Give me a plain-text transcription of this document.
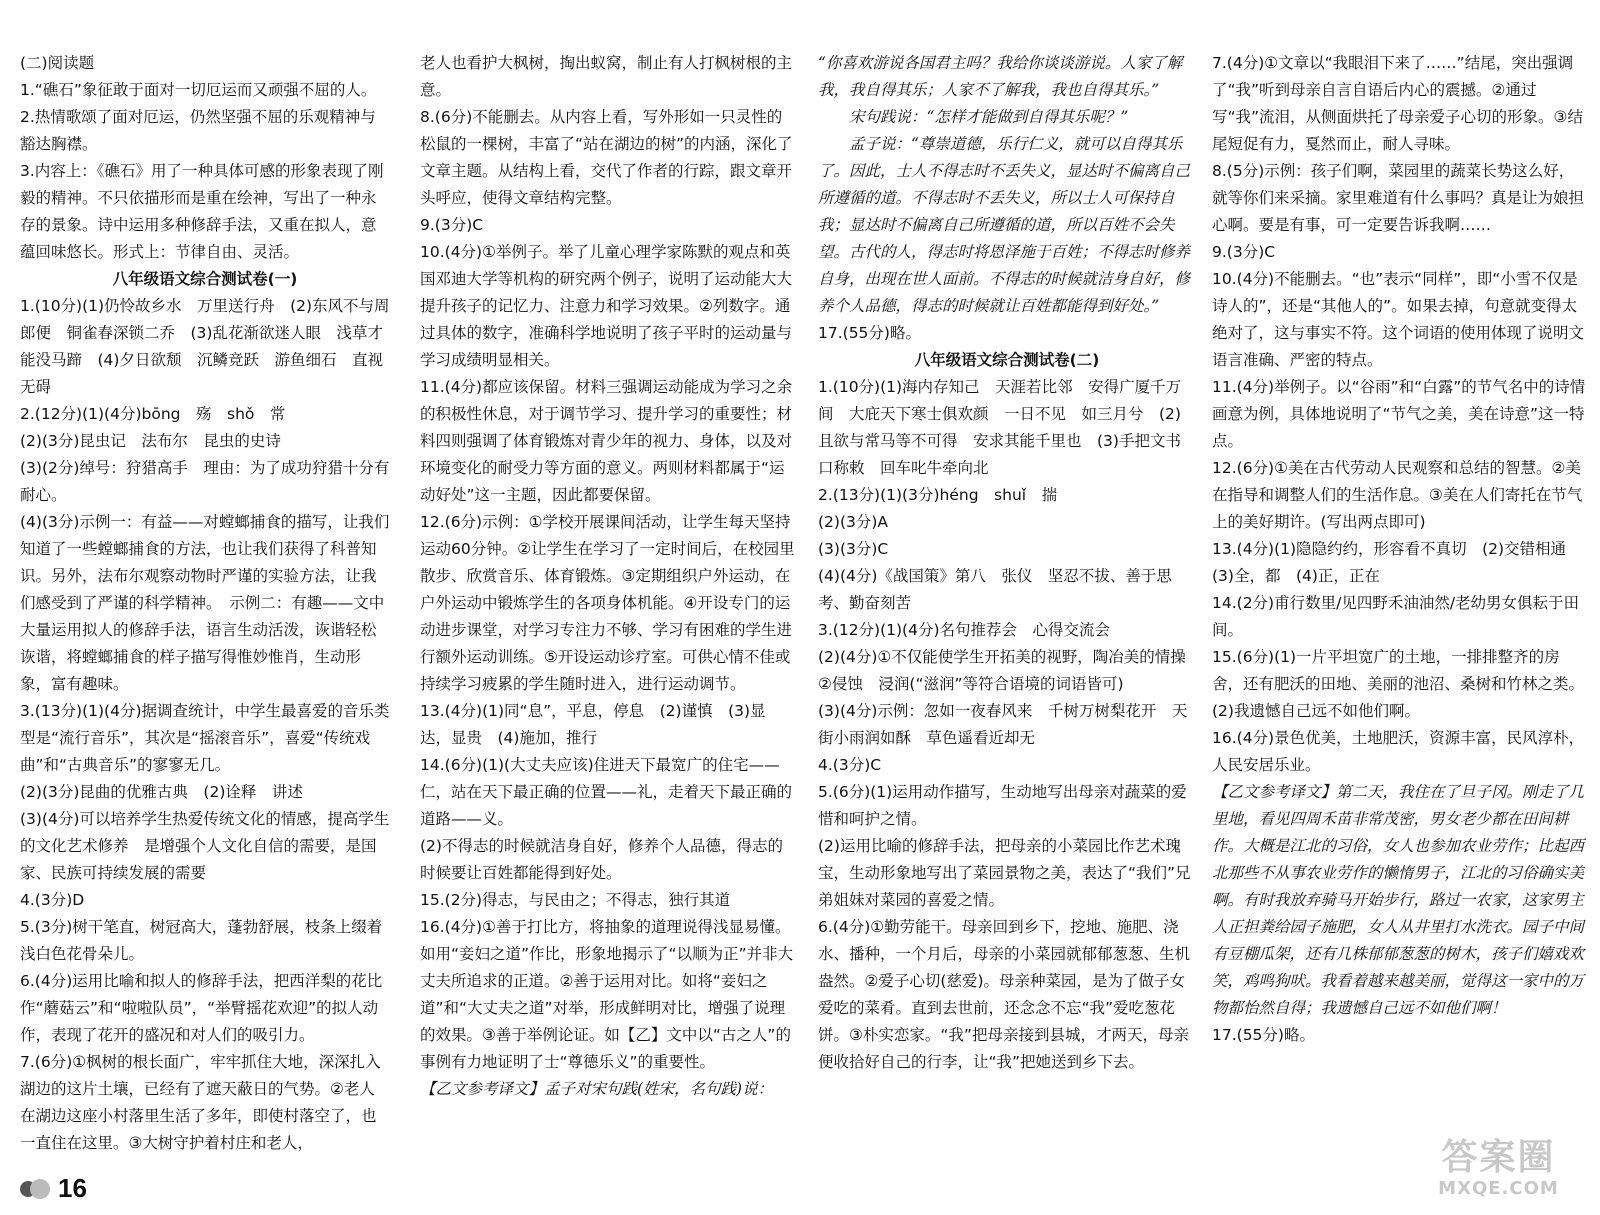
(二)阅读题

1.“礁石”象征敢于面对一切厄运而又顽强不屈的人。

2.热情歌颂了面对厄运，仍然坚强不屈的乐观精神与豁达胸襟。

3.内容上：《礁石》用了一种具体可感的形象表现了刚毅的精神。不只依描形而是重在绘神，写出了一种永存的景象。诗中运用多种修辞手法，又重在拟人，意蕴回味悠长。形式上：节律自由、灵活。

八年级语文综合测试卷(一)

1.(10分)(1)仍怜故乡水　万里送行舟　(2)东风不与周郎便　铜雀春深锁二乔　(3)乱花渐欲迷人眼　浅草才能没马蹄　(4)夕日欲颓　沉鳞竞跃　游鱼细石　直视无碍

2.(12分)(1)(4分)bōng　殇　shǒ　常

(2)(3分)昆虫记　法布尔　昆虫的史诗

(3)(2分)绰号：狩猎高手　理由：为了成功狩猎十分有耐心。

(4)(3分)示例一：有益——对螳螂捕食的描写，让我们知道了一些螳螂捕食的方法，也让我们获得了科普知识。另外，法布尔观察动物时严谨的实验方法，让我们感受到了严谨的科学精神。　示例二：有趣——文中大量运用拟人的修辞手法，语言生动活泼，诙谐轻松诙谐，将螳螂捕食的样子描写得惟妙惟肖，生动形象，富有趣味。

3.(13分)(1)(4分)据调查统计，中学生最喜爱的音乐类型是“流行音乐”，其次是“摇滚音乐”，喜爱“传统戏曲”和“古典音乐”的寥寥无几。

(2)(3分)昆曲的优雅古典　(2)诠释　讲述

(3)(4分)可以培养学生热爱传统文化的情感，提高学生的文化艺术修养　是增强个人文化自信的需要，是国家、民族可持续发展的需要

4.(3分)D

5.(3分)树干笔直，树冠高大，蓬勃舒展，枝条上缀着浅白色花骨朵儿。

6.(4分)运用比喻和拟人的修辞手法，把西洋梨的花比作“蘑菇云”和“啦啦队员”，“举臂摇花欢迎”的拟人动作，表现了花开的盛况和对人们的吸引力。

7.(6分)①枫树的根长面广，牢牢抓住大地，深深扎入湖边的这片土壤，已经有了遮天蔽日的气势。②老人在湖边这座小村落里生活了多年，即使村落空了，也一直住在这里。③大树守护着村庄和老人，

老人也看护大枫树，掏出蚁窝，制止有人打枫树根的主意。

8.(6分)不能删去。从内容上看，写外形如一只灵性的松鼠的一棵树，丰富了“站在湖边的树”的内涵，深化了文章主题。从结构上看，交代了作者的行踪，跟文章开头呼应，使得文章结构完整。

9.(3分)C

10.(4分)①举例子。举了儿童心理学家陈默的观点和英国邓迪大学等机构的研究两个例子，说明了运动能大大提升孩子的记忆力、注意力和学习效果。②列数字。通过具体的数字，准确科学地说明了孩子平时的运动量与学习成绩明显相关。

11.(4分)都应该保留。材料三强调运动能成为学习之余的积极性休息，对于调节学习、提升学习的重要性；材料四则强调了体育锻炼对青少年的视力、身体，以及对环境变化的耐受力等方面的意义。两则材料都属于“运动好处”这一主题，因此都要保留。

12.(6分)示例：①学校开展课间活动，让学生每天坚持运动60分钟。②让学生在学习了一定时间后，在校园里散步、欣赏音乐、体育锻炼。③定期组织户外运动，在户外运动中锻炼学生的各项身体机能。④开设专门的运动进步课堂，对学习专注力不够、学习有困难的学生进行额外运动训练。⑤开设运动诊疗室。可供心情不佳或持续学习疲累的学生随时进入，进行运动调节。

13.(4分)(1)同“息”，平息，停息　(2)谨慎　(3)显达，显贵　(4)施加，推行

14.(6分)(1)(大丈夫应该)住进天下最宽广的住宅——仁，站在天下最正确的位置——礼，走着天下最正确的道路——义。

(2)不得志的时候就洁身自好，修养个人品德，得志的时候要让百姓都能得到好处。

15.(2分)得志，与民由之；不得志，独行其道

16.(4分)①善于打比方，将抽象的道理说得浅显易懂。如用“妾妇之道”作比，形象地揭示了“以顺为正”并非大丈夫所追求的正道。②善于运用对比。如将“妾妇之道”和“大丈夫之道”对举，形成鲜明对比，增强了说理的效果。③善于举例论证。如【乙】文中以“古之人”的事例有力地证明了士“尊德乐义”的重要性。

【乙文参考译文】孟子对宋句践(姓宋，名句践)说：

“你喜欢游说各国君主吗？我给你谈谈游说。人家了解我，我自得其乐；人家不了解我，我也自得其乐。”

宋句践说：“怎样才能做到自得其乐呢？”

孟子说：“尊崇道德，乐行仁义，就可以自得其乐了。因此，士人不得志时不丢失义，显达时不偏离自己所遵循的道。不得志时不丢失义，所以士人可保持自我；显达时不偏离自己所遵循的道，所以百姓不会失望。古代的人，得志时将恩泽施于百姓；不得志时修养自身，出现在世人面前。不得志的时候就洁身自好，修养个人品德，得志的时候就让百姓都能得到好处。”

17.(55分)略。

八年级语文综合测试卷(二)

1.(10分)(1)海内存知己　天涯若比邻　安得广厦千万间　大庇天下寒士俱欢颜　一日不见　如三月兮　(2)且欲与常马等不可得　安求其能千里也　(3)手把文书口称敕　回车叱牛牵向北

2.(13分)(1)(3分)héng　shuǐ　揣

(2)(3分)A

(3)(3分)C

(4)(4分)《战国策》第八　张仪　坚忍不拔、善于思考、勤奋刻苦

3.(12分)(1)(4分)名句推荐会　心得交流会

(2)(4分)①不仅能使学生开拓美的视野，陶冶美的情操　②侵蚀　浸润(“滋润”等符合语境的词语皆可)

(3)(4分)示例：忽如一夜春风来　千树万树梨花开　天街小雨润如酥　草色遥看近却无

4.(3分)C

5.(6分)(1)运用动作描写，生动地写出母亲对蔬菜的爱惜和呵护之情。

(2)运用比喻的修辞手法，把母亲的小菜园比作艺术瑰宝，生动形象地写出了菜园景物之美，表达了“我们”兄弟姐妹对菜园的喜爱之情。

6.(4分)①勤劳能干。母亲回到乡下，挖地、施肥、浇水、播种，一个月后，母亲的小菜园就郁郁葱葱、生机盎然。②爱子心切(慈爱)。母亲种菜园，是为了做子女爱吃的菜肴。直到去世前，还念念不忘“我”爱吃葱花饼。③朴实恋家。“我”把母亲接到县城，才两天，母亲便收拾好自己的行李，让“我”把她送到乡下去。

7.(4分)①文章以“我眼泪下来了……”结尾，突出强调了“我”听到母亲自言自语后内心的震撼。②通过写“我”流泪，从侧面烘托了母亲爱子心切的形象。③结尾短促有力，戛然而止，耐人寻味。

8.(5分)示例：孩子们啊，菜园里的蔬菜长势这么好，就等你们来采摘。家里难道有什么事吗？真是让为娘担心啊。要是有事，可一定要告诉我啊……

9.(3分)C

10.(4分)不能删去。“也”表示“同样”，即“小雪不仅是诗人的”，还是“其他人的”。如果去掉，句意就变得太绝对了，这与事实不符。这个词语的使用体现了说明文语言准确、严密的特点。

11.(4分)举例子。以“谷雨”和“白露”的节气名中的诗情画意为例，具体地说明了“节气之美，美在诗意”这一特点。

12.(6分)①美在古代劳动人民观察和总结的智慧。②美在指导和调整人们的生活作息。③美在人们寄托在节气上的美好期许。(写出两点即可)

13.(4分)(1)隐隐约约，形容看不真切　(2)交错相通　(3)全，都　(4)正，正在

14.(2分)甫行数里/见四野禾油油然/老幼男女俱耘于田间。

15.(6分)(1)一片平坦宽广的土地，一排排整齐的房舍，还有肥沃的田地、美丽的池沼、桑树和竹林之类。

(2)我遗憾自己远不如他们啊。

16.(4分)景色优美，土地肥沃，资源丰富，民风淳朴，人民安居乐业。

【乙文参考译文】第二天，我住在了旦子冈。刚走了几里地，看见四周禾苗非常茂密，男女老少都在田间耕作。大概是江北的习俗，女人也参加农业劳作；比起西北那些不从事农业劳作的懒惰男子，江北的习俗确实美啊。有时我放弃骑马开始步行，路过一农家，这家男主人正担粪给园子施肥，女人从井里打水洗衣。园子中间有豆棚瓜架，还有几株郁郁葱葱的树木，孩子们嬉戏欢笑，鸡鸣狗吠。我看着越来越美丽，觉得这一家中的万物都怡然自得；我遗憾自己远不如他们啊！

17.(55分)略。

16
答案圈
MXQE.COM
